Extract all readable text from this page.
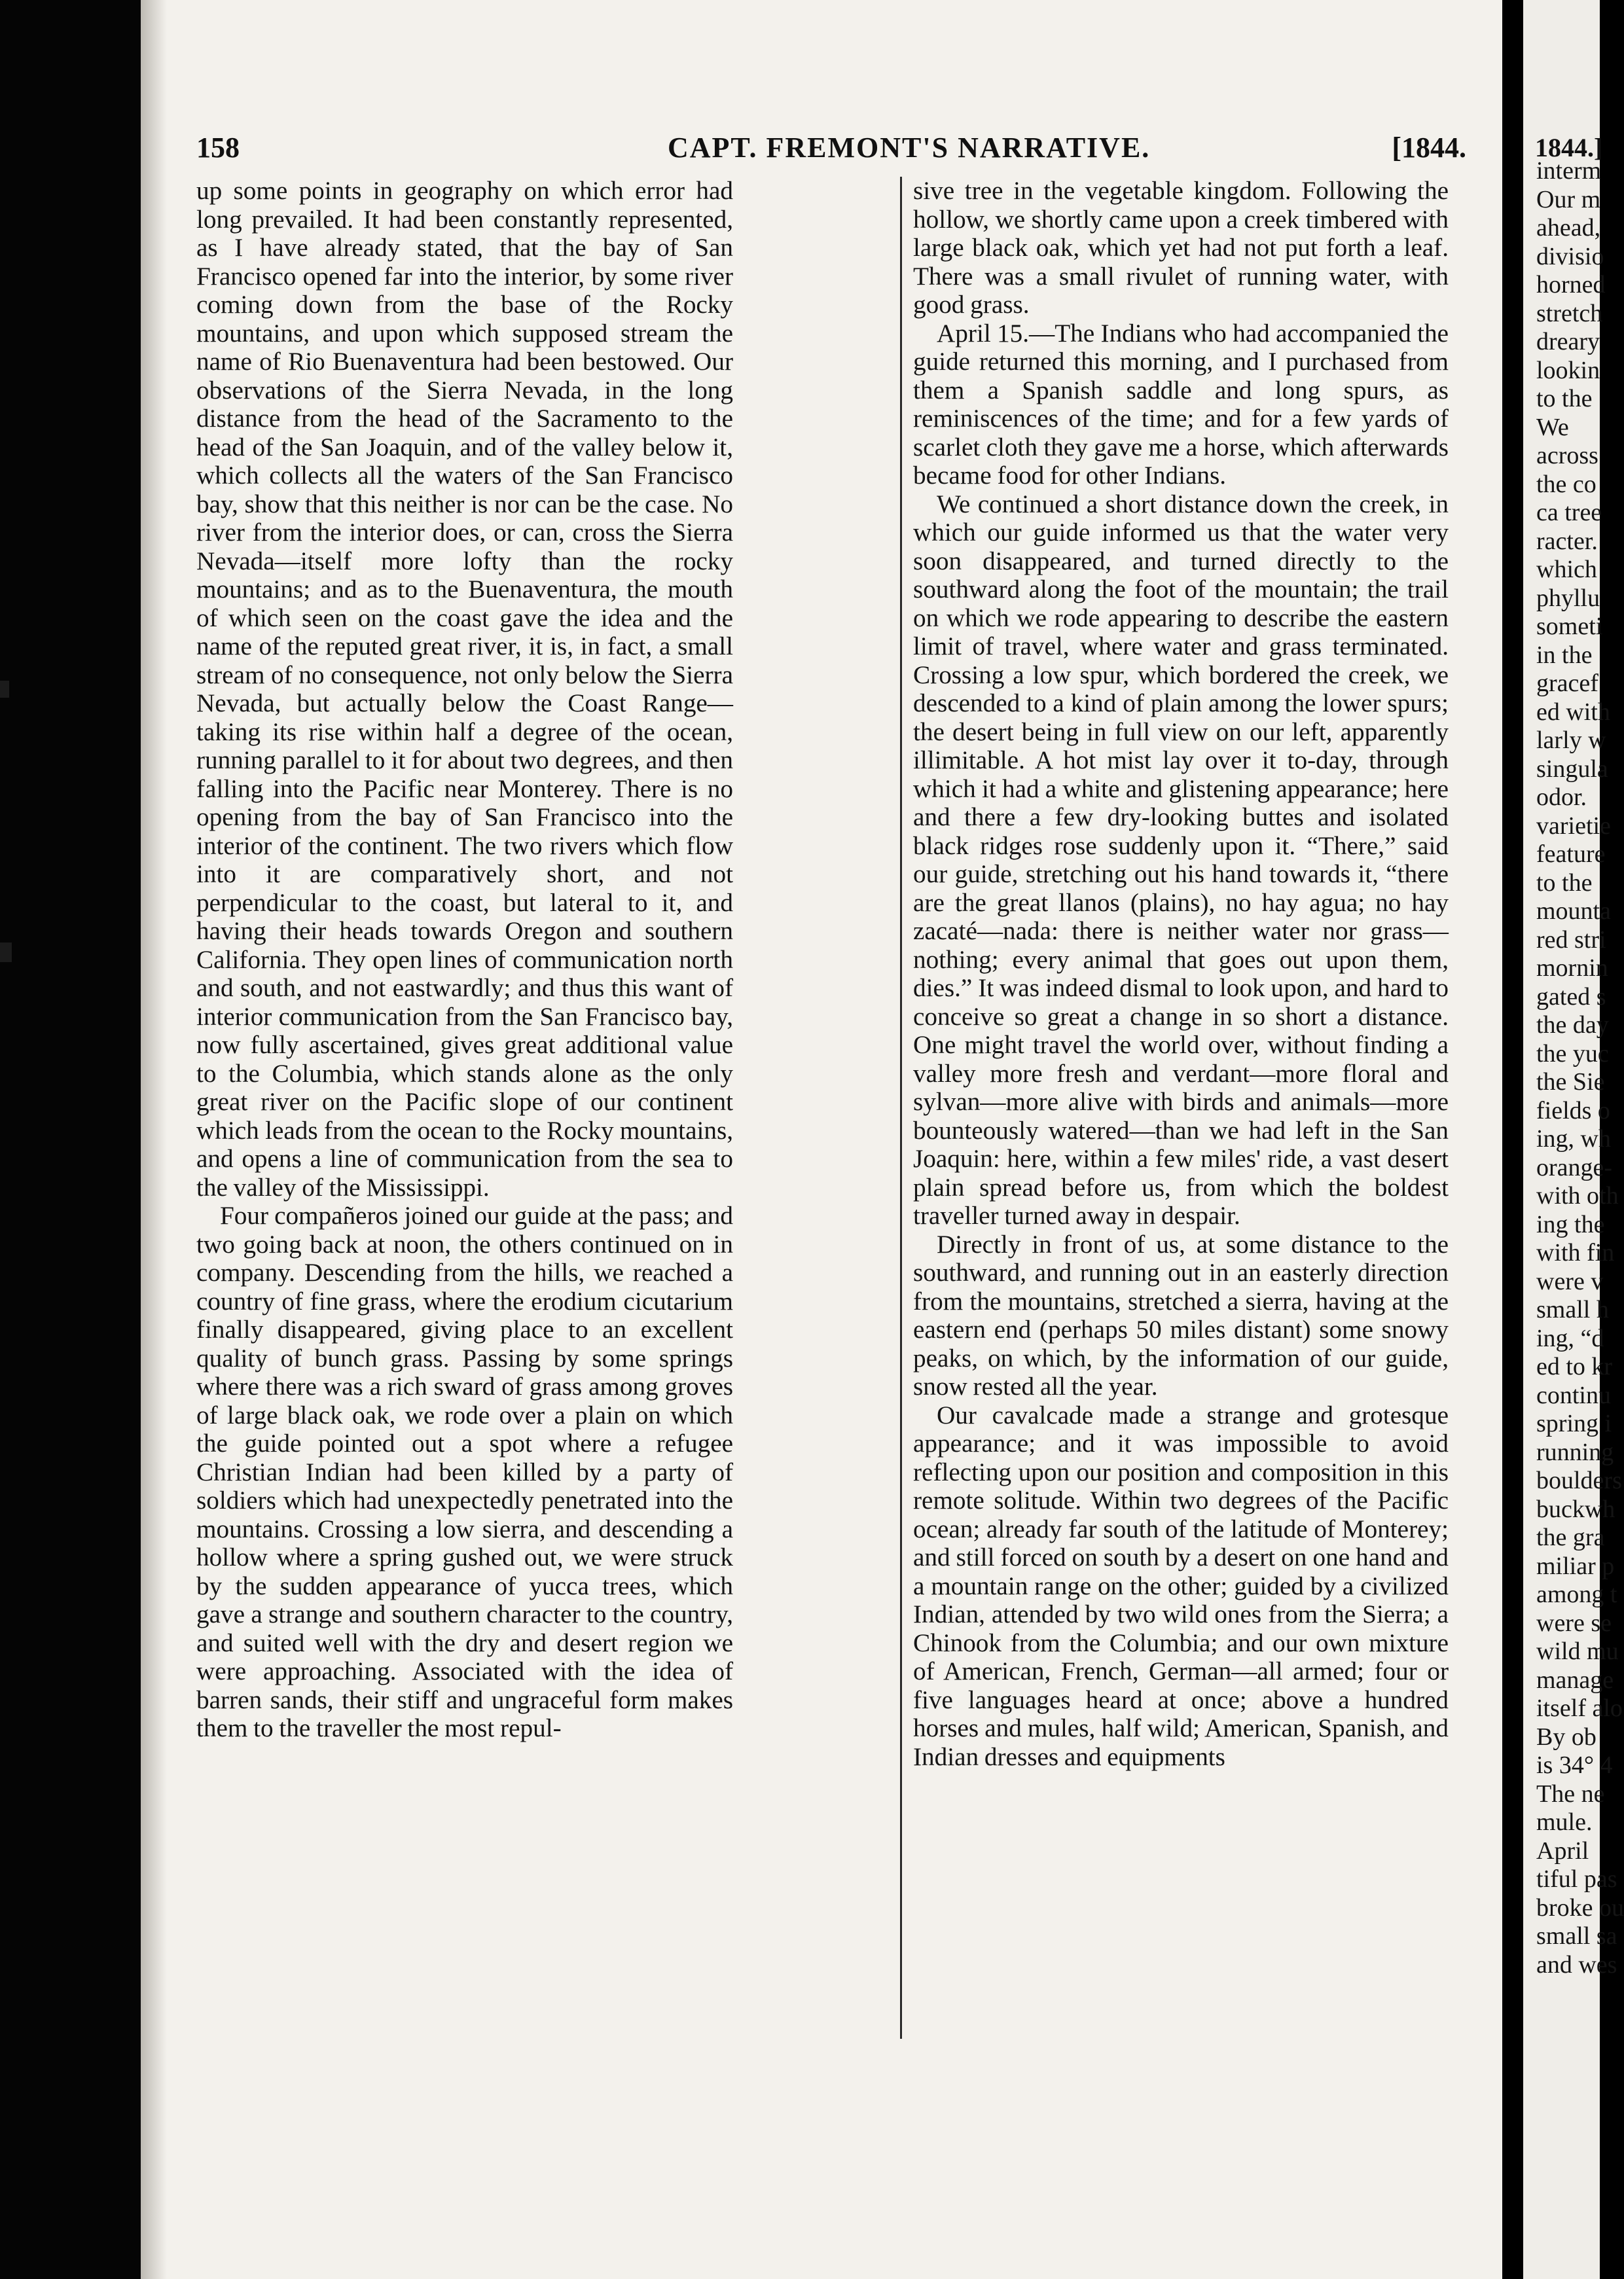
158	CAPT. FREMONT'S NARRATIVE.	[1844.

up some points in geography on which error had long prevailed. It had been constantly represented, as I have already stated, that the bay of San Francisco opened far into the interior, by some river coming down from the base of the Rocky mountains, and upon which supposed stream the name of Rio Buenaventura had been bestowed. Our observations of the Sierra Nevada, in the long distance from the head of the Sacramento to the head of the San Joaquin, and of the valley below it, which collects all the waters of the San Francisco bay, show that this neither is nor can be the case. No river from the interior does, or can, cross the Sierra Nevada—itself more lofty than the rocky mountains; and as to the Buenaventura, the mouth of which seen on the coast gave the idea and the name of the reputed great river, it is, in fact, a small stream of no consequence, not only below the Sierra Nevada, but actually below the Coast Range—taking its rise within half a degree of the ocean, running parallel to it for about two degrees, and then falling into the Pacific near Monterey. There is no opening from the bay of San Francisco into the interior of the continent. The two rivers which flow into it are comparatively short, and not perpendicular to the coast, but lateral to it, and having their heads towards Oregon and southern California. They open lines of communication north and south, and not eastwardly; and thus this want of interior communication from the San Francisco bay, now fully ascertained, gives great additional value to the Columbia, which stands alone as the only great river on the Pacific slope of our continent which leads from the ocean to the Rocky mountains, and opens a line of communication from the sea to the valley of the Mississippi.

Four compañeros joined our guide at the pass; and two going back at noon, the others continued on in company. Descending from the hills, we reached a country of fine grass, where the erodium cicutarium finally disappeared, giving place to an excellent quality of bunch grass. Passing by some springs where there was a rich sward of grass among groves of large black oak, we rode over a plain on which the guide pointed out a spot where a refugee Christian Indian had been killed by a party of soldiers which had unexpectedly penetrated into the mountains. Crossing a low sierra, and descending a hollow where a spring gushed out, we were struck by the sudden appearance of yucca trees, which gave a strange and southern character to the country, and suited well with the dry and desert region we were approaching. Associated with the idea of barren sands, their stiff and ungraceful form makes them to the traveller the most repul-

sive tree in the vegetable kingdom. Following the hollow, we shortly came upon a creek timbered with large black oak, which yet had not put forth a leaf. There was a small rivulet of running water, with good grass.

April 15.—The Indians who had accompanied the guide returned this morning, and I purchased from them a Spanish saddle and long spurs, as reminiscences of the time; and for a few yards of scarlet cloth they gave me a horse, which afterwards became food for other Indians.

We continued a short distance down the creek, in which our guide informed us that the water very soon disappeared, and turned directly to the southward along the foot of the mountain; the trail on which we rode appearing to describe the eastern limit of travel, where water and grass terminated. Crossing a low spur, which bordered the creek, we descended to a kind of plain among the lower spurs; the desert being in full view on our left, apparently illimitable. A hot mist lay over it to-day, through which it had a white and glistening appearance; here and there a few dry-looking buttes and isolated black ridges rose suddenly upon it. “There,” said our guide, stretching out his hand towards it, “there are the great llanos (plains), no hay agua; no hay zacaté—nada: there is neither water nor grass—nothing; every animal that goes out upon them, dies.” It was indeed dismal to look upon, and hard to conceive so great a change in so short a distance. One might travel the world over, without finding a valley more fresh and verdant—more floral and sylvan—more alive with birds and animals—more bounteously watered—than we had left in the San Joaquin: here, within a few miles' ride, a vast desert plain spread before us, from which the boldest traveller turned away in despair.

Directly in front of us, at some distance to the southward, and running out in an easterly direction from the mountains, stretched a sierra, having at the eastern end (perhaps 50 miles distant) some snowy peaks, on which, by the information of our guide, snow rested all the year.

Our cavalcade made a strange and grotesque appearance; and it was impossible to avoid reflecting upon our position and composition in this remote solitude. Within two degrees of the Pacific ocean; already far south of the latitude of Monterey; and still forced on south by a desert on one hand and a mountain range on the other; guided by a civilized Indian, attended by two wild ones from the Sierra; a Chinook from the Columbia; and our own mixture of American, French, German—all armed; four or five languages heard at once; above a hundred horses and mules, half wild; American, Spanish, and Indian dresses and equipments

1844.]
interm
Our m
ahead,
divisio
horned
stretch
dreary
lookin
to the
We
across
the co
ca tree
racter.
which
phyllu
someti
in the
gracef
ed with
larly w
singula
odor.
varietie
feature
to the
mounta
red stri
mornin
gated s
the day
the yuc
the Sie
fields o
ing, wh
orange-
with oth
ing the
with fin
were v
small h
ing, “d
ed to kr
continu
spring i
running
boulders
buckwh
the gra
miliar p
among t
were se
wild mu
manage
itself alo
By ob
is 34° 4
The ne
mule.
April
tiful pas
broke ou
small sa
and wes
